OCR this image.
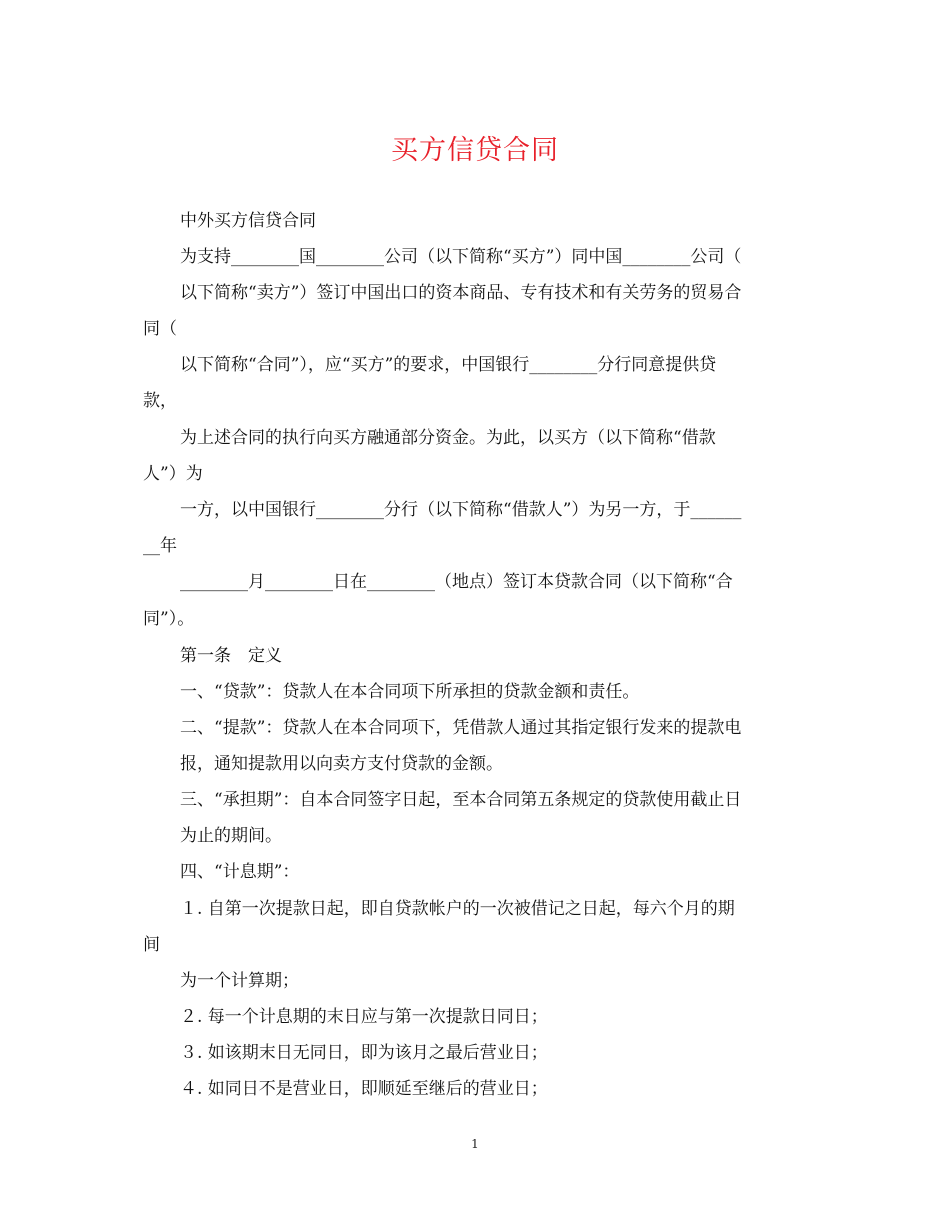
买方信贷合同
中外买方信贷合同
为支持________国________公司（以下简称“买方”）同中国________公司（
以下简称“卖方”）签订中国出口的资本商品、专有技术和有关劳务的贸易合
同（
以下简称“合同”），应“买方”的要求，中国银行________分行同意提供贷
款，
为上述合同的执行向买方融通部分资金。为此，以买方（以下简称“借款
人”）为
一方，以中国银行________分行（以下简称“借款人”）为另一方，于______
__年
________月________日在________（地点）签订本贷款合同（以下简称“合
同”）。
第一条　定义
一、“贷款”：贷款人在本合同项下所承担的贷款金额和责任。
二、“提款”：贷款人在本合同项下，凭借款人通过其指定银行发来的提款电
报，通知提款用以向卖方支付贷款的金额。
三、“承担期”：自本合同签字日起，至本合同第五条规定的贷款使用截止日
为止的期间。
四、“计息期”：
１. 自第一次提款日起，即自贷款帐户的一次被借记之日起，每六个月的期
间
为一个计算期；
２. 每一个计息期的末日应与第一次提款日同日；
３. 如该期末日无同日，即为该月之最后营业日；
４. 如同日不是营业日，即顺延至继后的营业日；
1
